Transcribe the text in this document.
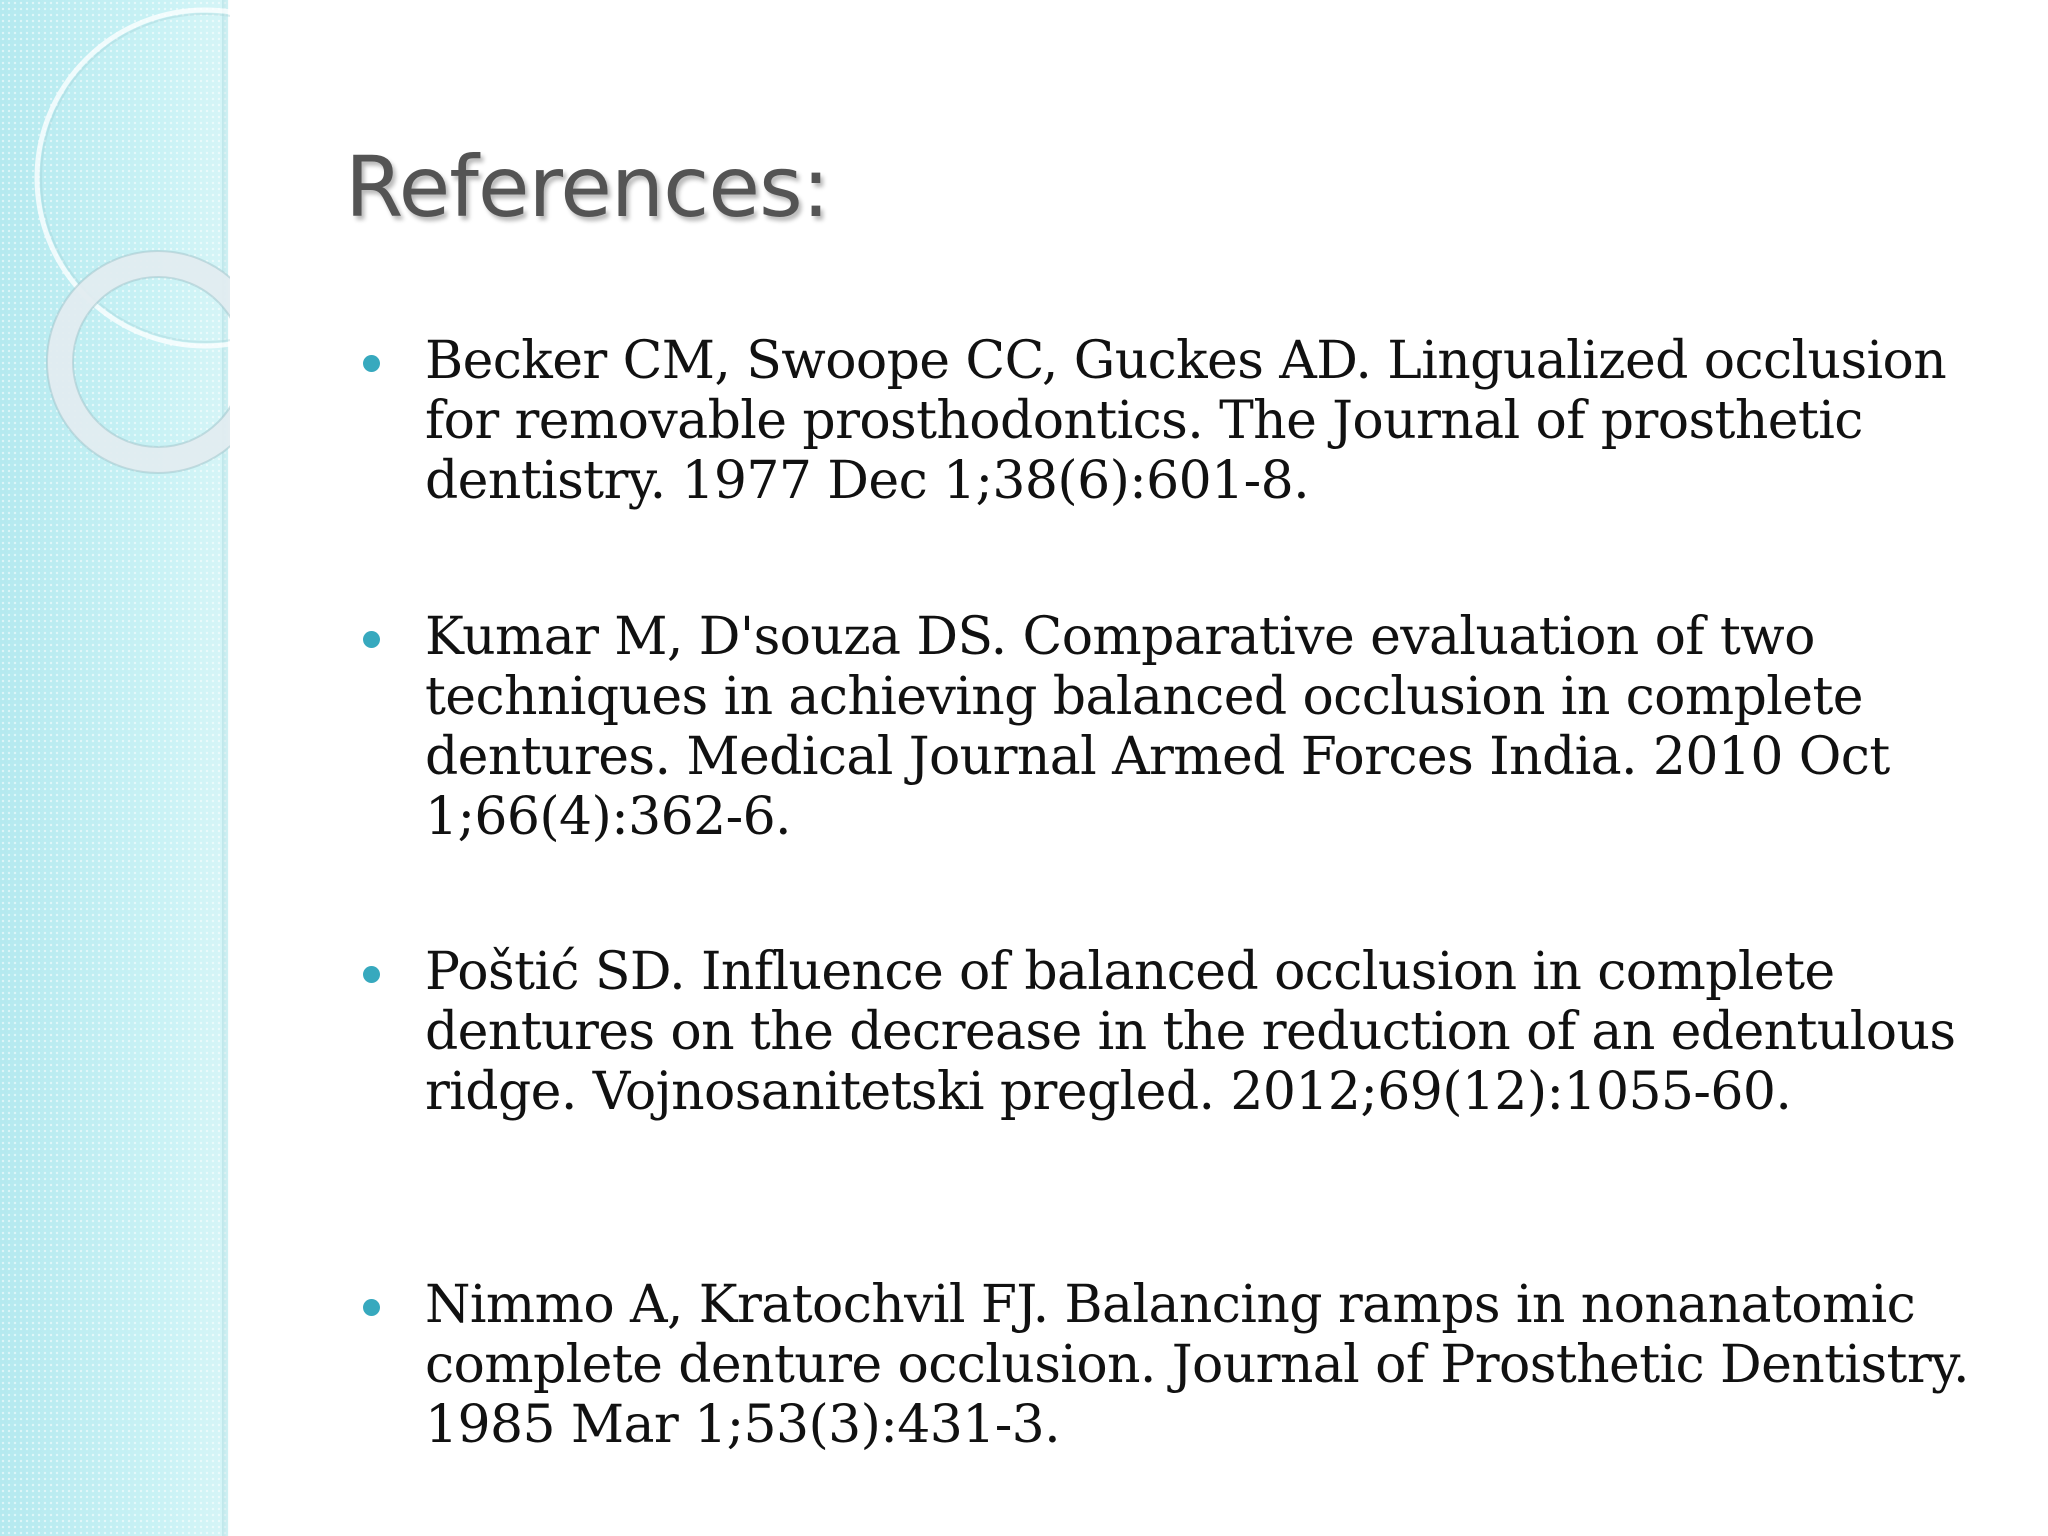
References:
Becker CM, Swoope CC, Guckes AD. Lingualized occlusion for removable prosthodontics. The Journal of prosthetic dentistry. 1977 Dec 1;38(6):601-8.
Kumar M, D'souza DS. Comparative evaluation of two techniques in achieving balanced occlusion in complete dentures. Medical Journal Armed Forces India. 2010 Oct 1;66(4):362-6.
Poštić SD. Influence of balanced occlusion in complete dentures on the decrease in the reduction of an edentulous ridge. Vojnosanitetski pregled. 2012;69(12):1055-60.
Nimmo A, Kratochvil FJ. Balancing ramps in nonanatomic complete denture occlusion. Journal of Prosthetic Dentistry. 1985 Mar 1;53(3):431-3.
